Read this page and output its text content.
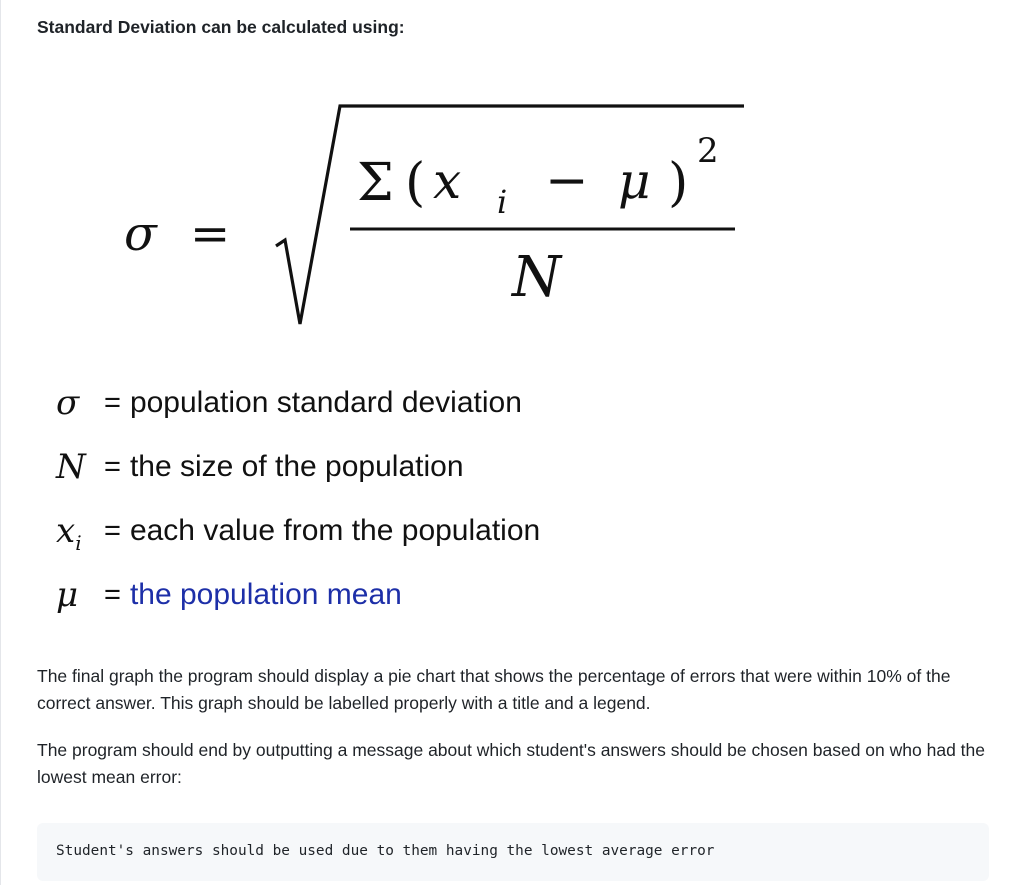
Standard Deviation can be calculated using:
σ =
Σ ( x i − μ )
2
N
σ = population standard deviation
N = the size of the population
$x_i$ = each value from the population
μ = the population mean

The final graph the program should display a pie chart that shows the percentage of errors that were within 10% of the correct answer. This graph should be labelled properly with a title and a legend.

The program should end by outputting a message about which student's answers should be chosen based on who had the lowest mean error:

Student's answers should be used due to them having the lowest average error
